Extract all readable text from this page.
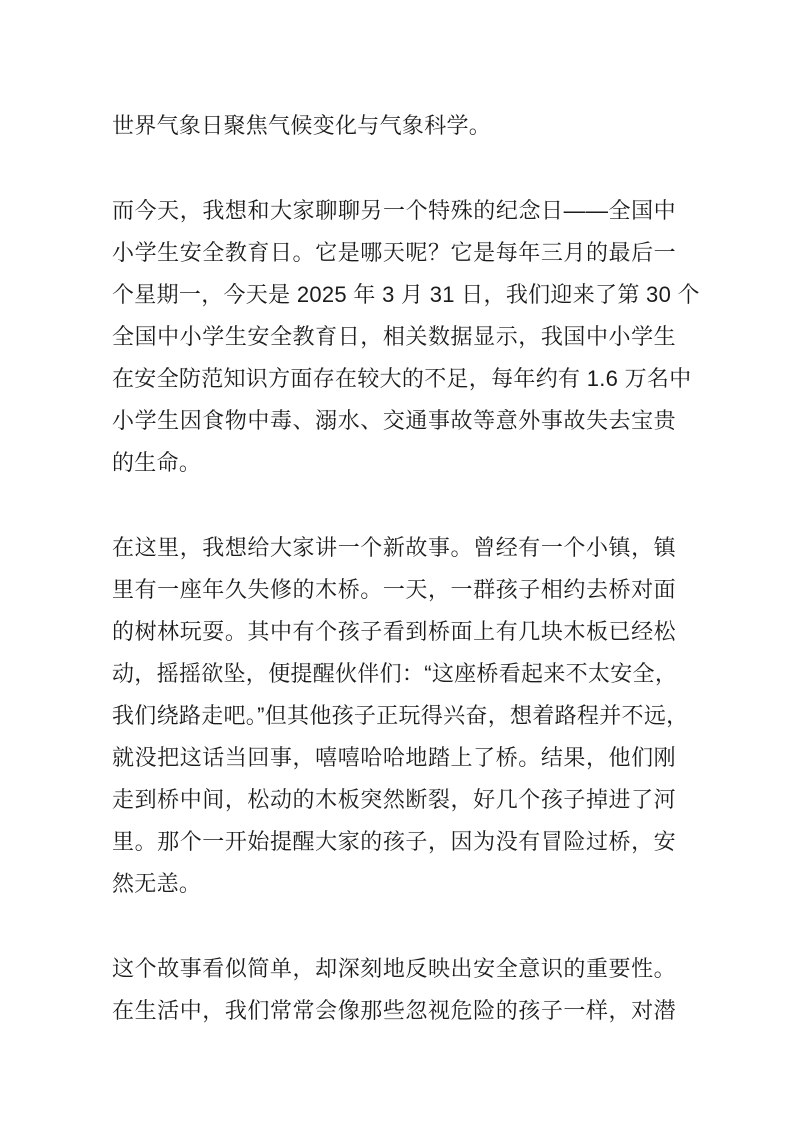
世界气象日聚焦气候变化与气象科学。
而今天，我想和大家聊聊另一个特殊的纪念日——全国中
小学生安全教育日。它是哪天呢？它是每年三月的最后一
个星期一，今天是 2025 年 3 月 31 日，我们迎来了第 30 个
全国中小学生安全教育日，相关数据显示，我国中小学生
在安全防范知识方面存在较大的不足，每年约有 1.6 万名中
小学生因食物中毒、溺水、交通事故等意外事故失去宝贵
的生命。
在这里，我想给大家讲一个新故事。曾经有一个小镇，镇
里有一座年久失修的木桥。一天，一群孩子相约去桥对面
的树林玩耍。其中有个孩子看到桥面上有几块木板已经松
动，摇摇欲坠，便提醒伙伴们：“这座桥看起来不太安全，
我们绕路走吧。”但其他孩子正玩得兴奋，想着路程并不远，
就没把这话当回事，嘻嘻哈哈地踏上了桥。结果，他们刚
走到桥中间，松动的木板突然断裂，好几个孩子掉进了河
里。那个一开始提醒大家的孩子，因为没有冒险过桥，安
然无恙。
这个故事看似简单，却深刻地反映出安全意识的重要性。
在生活中，我们常常会像那些忽视危险的孩子一样，对潜
